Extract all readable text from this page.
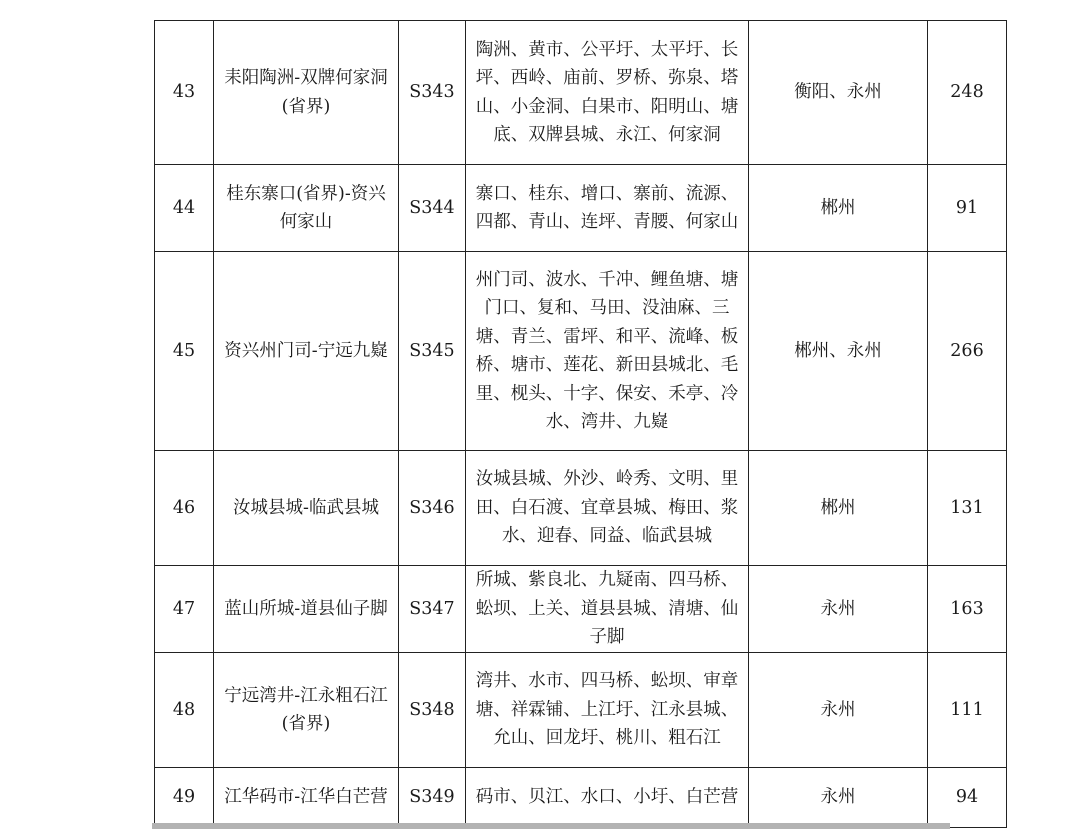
43	耒阳陶洲-双牌何家洞(省界)	S343	陶洲、黄市、公平圩、太平圩、长坪、西岭、庙前、罗桥、弥泉、塔山、小金洞、白果市、阳明山、塘底、双牌县城、永江、何家洞	衡阳、永州	248
44	桂东寨口(省界)-资兴何家山	S344	寨口、桂东、增口、寨前、流源、四都、青山、连坪、青腰、何家山	郴州	91
45	资兴州门司-宁远九嶷	S345	州门司、波水、千冲、鲤鱼塘、塘门口、复和、马田、没油麻、三塘、青兰、雷坪、和平、流峰、板桥、塘市、莲花、新田县城北、毛里、枧头、十字、保安、禾亭、冷水、湾井、九嶷	郴州、永州	266
46	汝城县城-临武县城	S346	汝城县城、外沙、岭秀、文明、里田、白石渡、宜章县城、梅田、浆水、迎春、同益、临武县城	郴州	131
47	蓝山所城-道县仙子脚	S347	所城、紫良北、九疑南、四马桥、蚣坝、上关、道县县城、清塘、仙子脚	永州	163
48	宁远湾井-江永粗石江(省界)	S348	湾井、水市、四马桥、蚣坝、审章塘、祥霖铺、上江圩、江永县城、允山、回龙圩、桃川、粗石江	永州	111
49	江华码市-江华白芒营	S349	码市、贝江、水口、小圩、白芒营	永州	94
